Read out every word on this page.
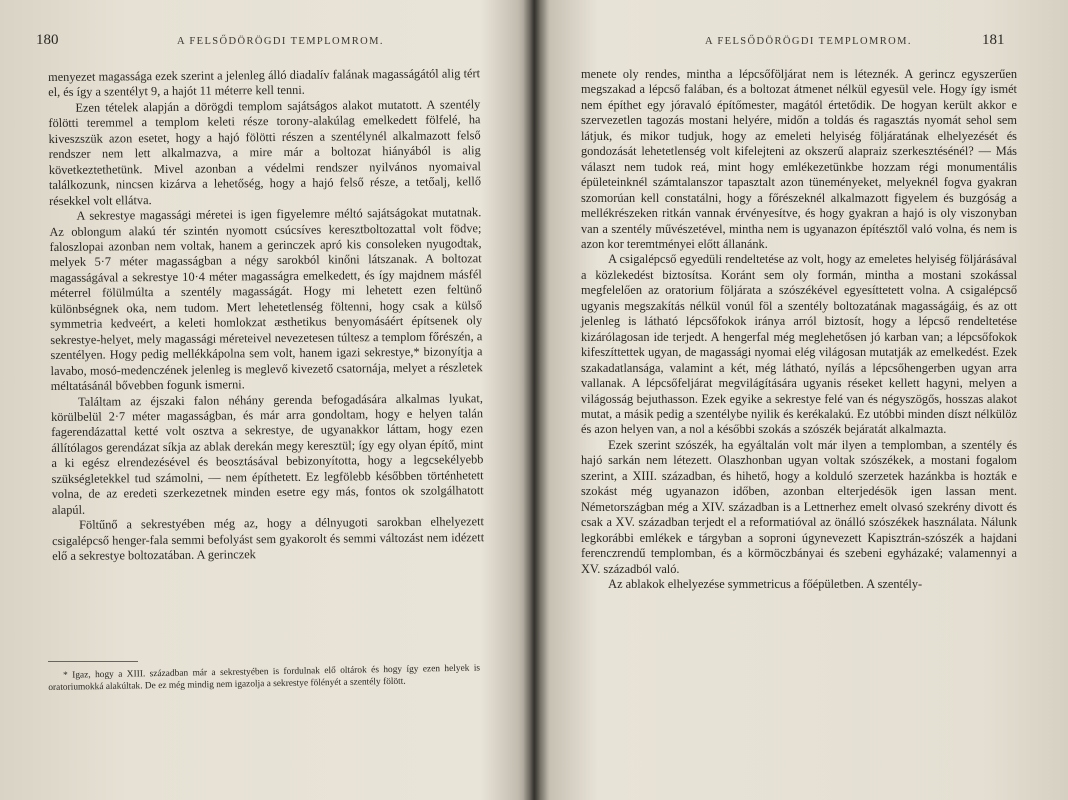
180	A FELSŐDÖRÖGDI TEMPLOMROM.

menyezet magassága ezek szerint a jelenleg álló diadalív falának magasságától alig tért el, és így a szentélyt 9, a hajót 11 méterre kell tenni.

Ezen tételek alapján a dörögdi templom sajátságos alakot mutatott. A szentély fölötti teremmel a templom keleti része torony-alakúlag emelkedett fölfelé, ha kiveszszük azon esetet, hogy a hajó fölötti részen a szentélynél alkalmazott felső rendszer nem lett alkalmazva, a mire már a boltozat hiányából is alig következtethetünk. Mivel azonban a védelmi rendszer nyilvános nyomaival találkozunk, nincsen kizárva a lehetőség, hogy a hajó felső része, a tetőalj, kellő résekkel volt ellátva.

A sekrestye magassági méretei is igen figyelemre méltó sajátságokat mutatnak. Az oblongum alakú tér szintén nyomott csúcsíves keresztboltozattal volt födve; faloszlopai azonban nem voltak, hanem a gerinczek apró kis consoleken nyugodtak, melyek 5·7 méter magasságban a négy sarokból kinőni látszanak. A boltozat magasságával a sekrestye 10·4 méter magasságra emelkedett, és így majdnem másfél méterrel fölülmúlta a szentély magasságát. Hogy mi lehetett ezen feltünő különbségnek oka, nem tudom. Mert lehetetlenség föltenni, hogy csak a külső symmetria kedveért, a keleti homlokzat æsthetikus benyomásáért építsenek oly sekrestye-helyet, mely magassági méreteivel nevezetesen túltesz a templom főrészén, a szentélyen. Hogy pedig mellékkápolna sem volt, hanem igazi sekrestye,* bizonyítja a lavabo, mosó-medenczének jelenleg is meglevő kivezető csatornája, melyet a részletek méltatásánál bővebben fogunk ismerni.

Találtam az éjszaki falon néhány gerenda befogadására alkalmas lyukat, körülbelül 2·7 méter magasságban, és már arra gondoltam, hogy e helyen talán fagerendázattal ketté volt osztva a sekrestye, de ugyanakkor láttam, hogy ezen állítólagos gerendázat síkja az ablak derekán megy keresztül; így egy olyan építő, mint a ki egész elrendezésével és beosztásával bebizonyította, hogy a legcsekélyebb szükségletekkel tud számolni, — nem építhetett. Ez legfölebb későbben történhetett volna, de az eredeti szerkezetnek minden esetre egy más, fontos ok szolgálhatott alapúl.

Föltűnő a sekrestyében még az, hogy a délnyugoti sarokban elhelyezett csigalépcső henger-fala semmi befolyást sem gyakorolt és semmi változást nem idézett elő a sekrestye boltozatában. A gerinczek

* Igaz, hogy a XIII. században már a sekrestyében is fordulnak elő oltárok és hogy így ezen helyek is oratoriumokká alakúltak. De ez még mindig nem igazolja a sekrestye fölényét a szentély fölött.

A FELSŐDÖRÖGDI TEMPLOMROM.	181

menete oly rendes, mintha a lépcsőföljárat nem is léteznék. A gerincz egyszerűen megszakad a lépcső falában, és a boltozat átmenet nélkül egyesül vele. Hogy így ismét nem építhet egy jóravaló építőmester, magától értetődik. De hogyan került akkor e szervezetlen tagozás mostani helyére, midőn a toldás és ragasztás nyomát sehol sem látjuk, és mikor tudjuk, hogy az emeleti helyiség följáratának elhelyezését és gondozását lehetetlenség volt kifelejteni az okszerű alapraiz szerkesztésénél? — Más választ nem tudok reá, mint hogy emlékezetünkbe hozzam régi monumentális épületeinknél számtalanszor tapasztalt azon tüneményeket, melyeknél fogva gyakran szomorúan kell constatálni, hogy a főrészeknél alkalmazott figyelem és buzgóság a mellékrészeken ritkán vannak érvényesítve, és hogy gyakran a hajó is oly viszonyban van a szentély művészetével, mintha nem is ugyanazon építésztől való volna, és nem is azon kor teremtményei előtt állanánk.

A csigalépcső egyedüli rendeltetése az volt, hogy az emeletes helyiség följárásával a közlekedést biztosítsa. Koránt sem oly formán, mintha a mostani szokással megfelelően az oratorium följárata a szószékével egyesíttetett volna. A csigalépcső ugyanis megszakítás nélkül vonúl föl a szentély boltozatának magasságáig, és az ott jelenleg is látható lépcsőfokok iránya arról biztosít, hogy a lépcső rendeltetése kizárólagosan ide terjedt. A hengerfal még meglehetősen jó karban van; a lépcsőfokok kifeszíttettek ugyan, de magassági nyomai elég világosan mutatják az emelkedést. Ezek szakadatlansága, valamint a két, még látható, nyílás a lépcsőhengerben ugyan arra vallanak. A lépcsőfeljárat megvilágítására ugyanis réseket kellett hagyni, melyen a világosság bejuthasson. Ezek egyike a sekrestye felé van és négyszögős, hosszas alakot mutat, a másik pedig a szentélybe nyilik és kerékalakú. Ez utóbbi minden díszt nélkülöz és azon helyen van, a nol a későbbi szokás a szószék bejáratát alkalmazta.

Ezek szerint szószék, ha egyáltalán volt már ilyen a templomban, a szentély és hajó sarkán nem létezett. Olaszhonban ugyan voltak szószékek, a mostani fogalom szerint, a XIII. században, és hihető, hogy a kolduló szerzetek hazánkba is hozták e szokást még ugyanazon időben, azonban elterjedésök igen lassan ment. Németországban még a XIV. században is a Lettnerhez emelt olvasó szekrény divott és csak a XV. században terjedt el a reformatióval az önálló szószékek használata. Nálunk legkorábbi emlékek e tárgyban a soproni úgynevezett Kapisztrán-szószék a hajdani ferenczrendű templomban, és a körmöczbányai és szebeni egyházaké; valamennyi a XV. századból való.

Az ablakok elhelyezése symmetricus a főépületben. A szentély-
